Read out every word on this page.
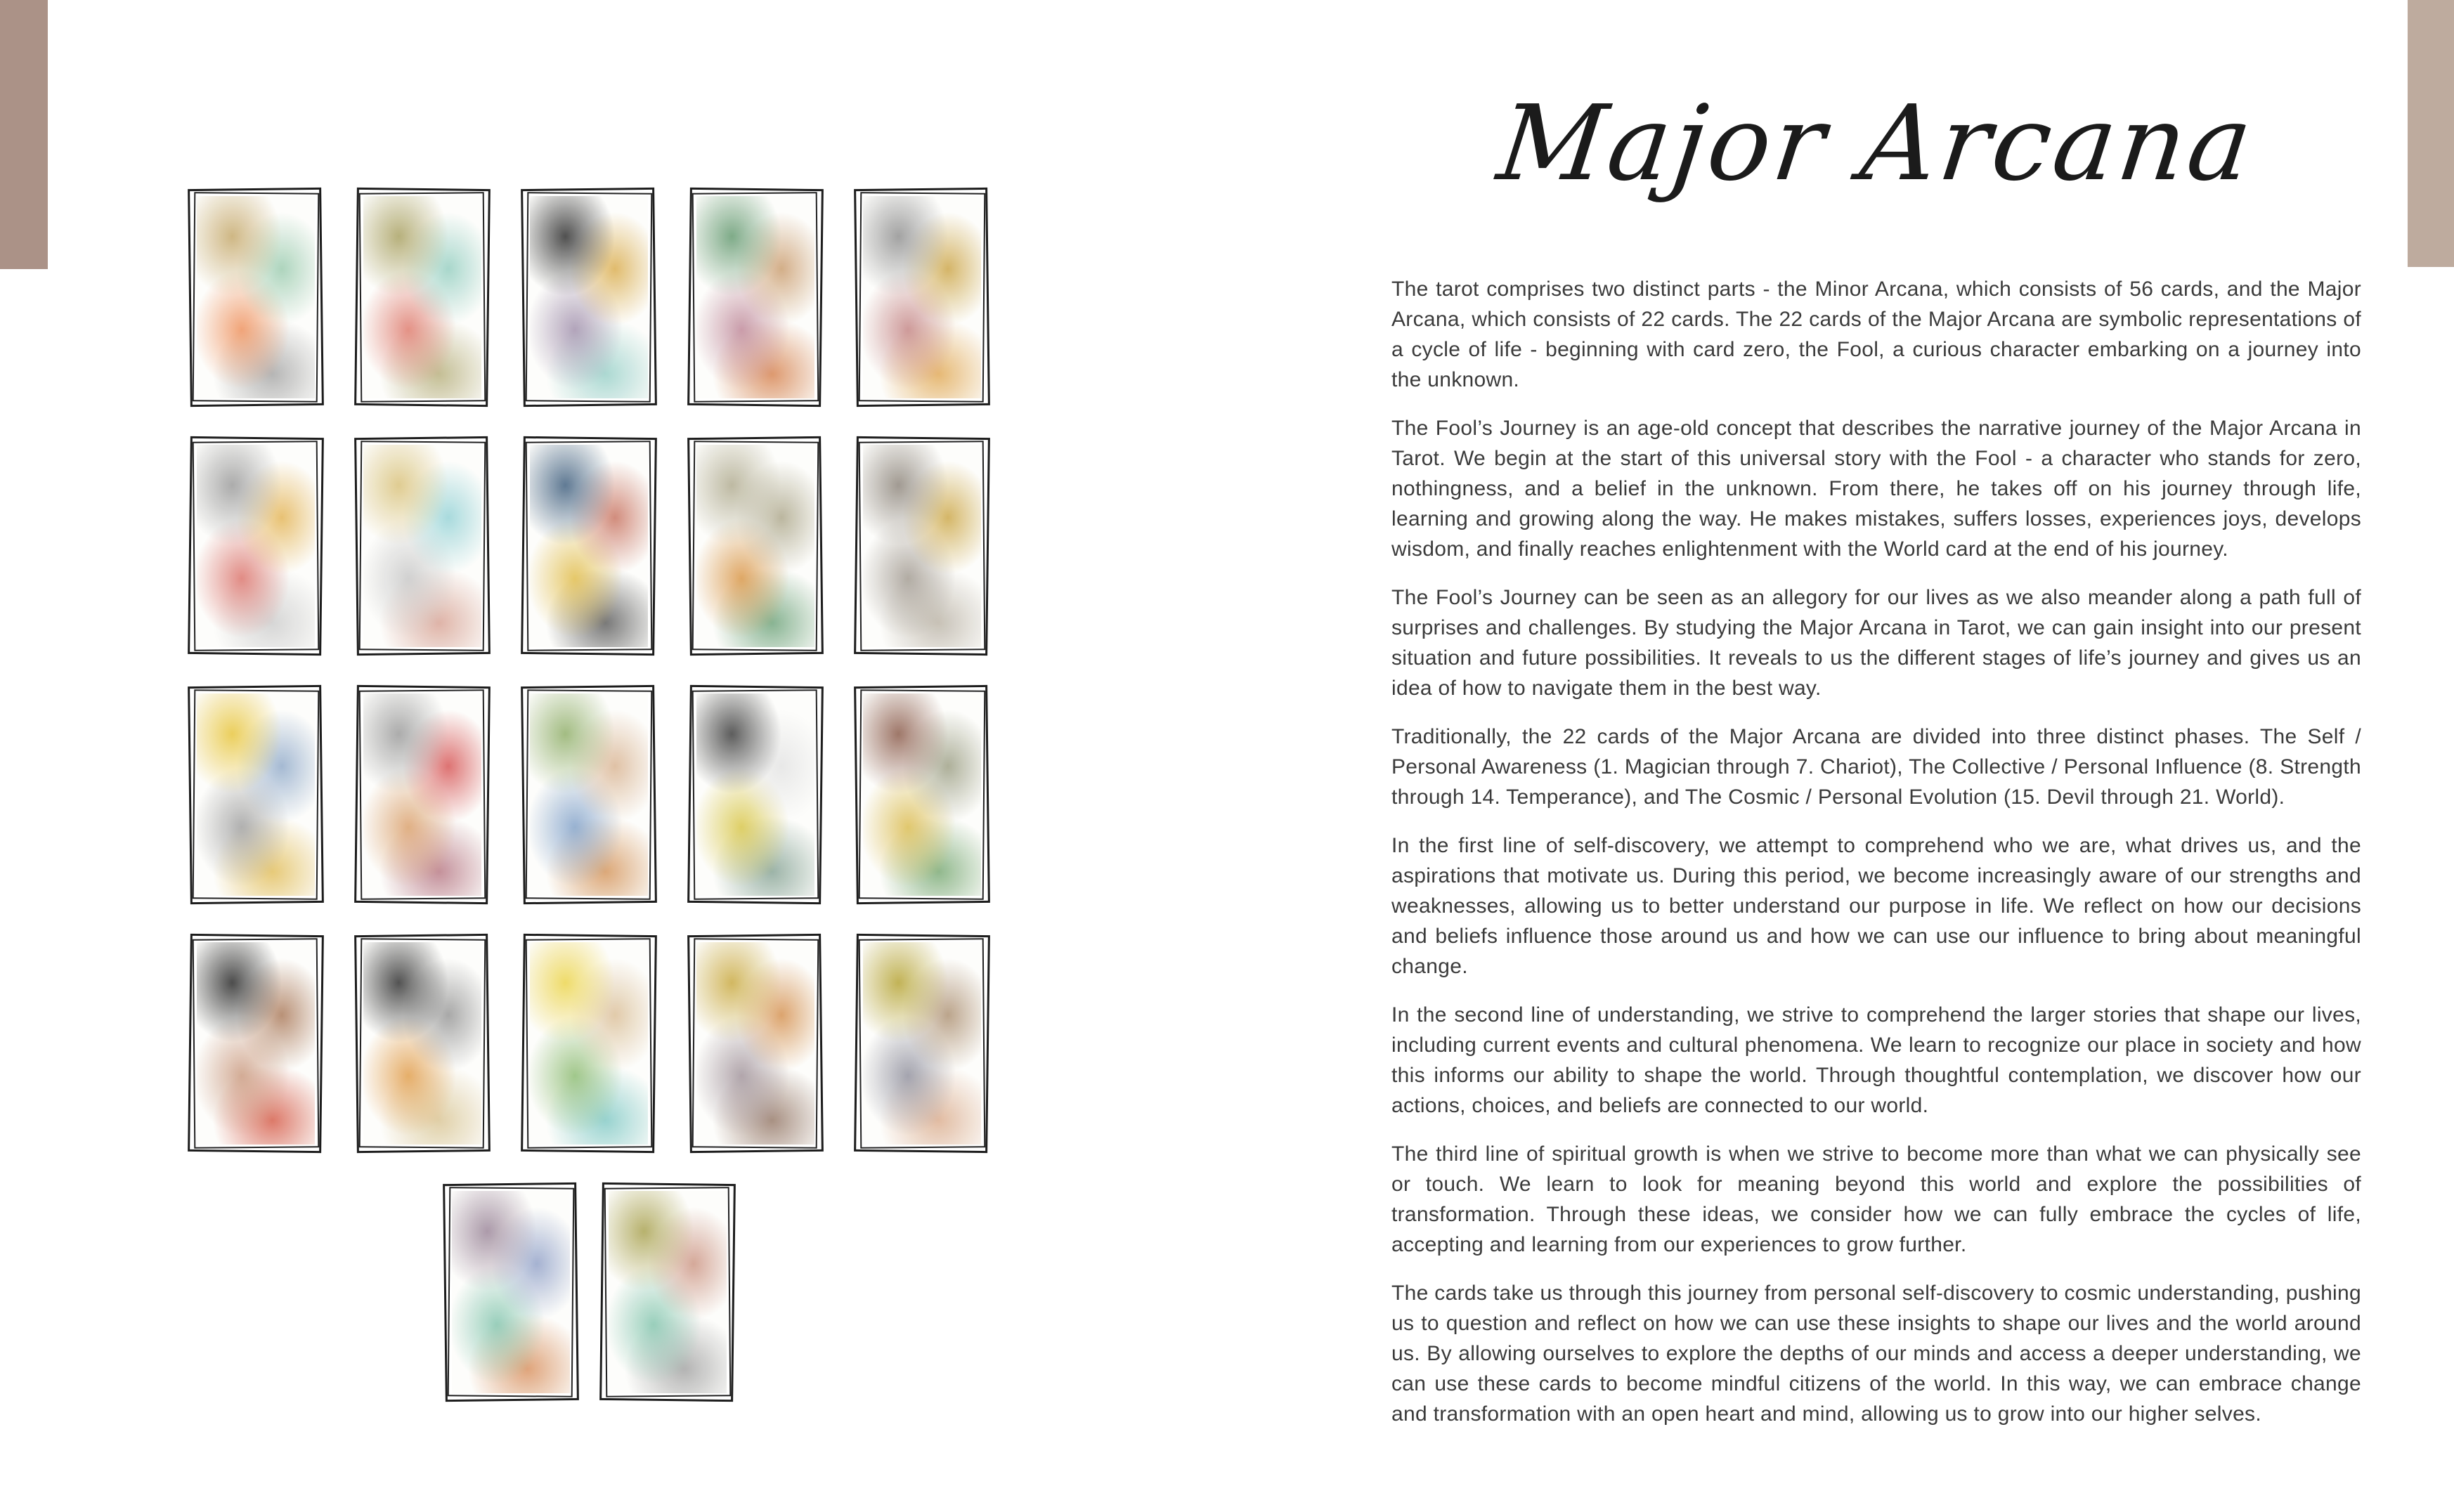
Major Arcana

The tarot comprises two distinct parts - the Minor Arcana, which consists of 56 cards, and the Major Arcana, which consists of 22 cards. The 22 cards of the Major Arcana are symbolic representations of a cycle of life - beginning with card zero, the Fool, a curious character embarking on a journey into the unknown.

The Fool’s Journey is an age-old concept that describes the narrative journey of the Major Arcana in Tarot. We begin at the start of this universal story with the Fool - a character who stands for zero, nothingness, and a belief in the unknown. From there, he takes off on his journey through life, learning and growing along the way. He makes mistakes, suffers losses, experiences joys, develops wisdom, and finally reaches enlightenment with the World card at the end of his journey.

The Fool’s Journey can be seen as an allegory for our lives as we also meander along a path full of surprises and challenges. By studying the Major Arcana in Tarot, we can gain insight into our present situation and future possibilities. It reveals to us the different stages of life’s journey and gives us an idea of how to navigate them in the best way.

Traditionally, the 22 cards of the Major Arcana are divided into three distinct phases. The Self / Personal Awareness (1. Magician through 7. Chariot), The Collective / Personal Influence (8. Strength through 14. Temperance), and The Cosmic / Personal Evolution (15. Devil through 21. World).

In the first line of self-discovery, we attempt to comprehend who we are, what drives us, and the aspirations that motivate us. During this period, we become increasingly aware of our strengths and weaknesses, allowing us to better understand our purpose in life. We reflect on how our decisions and beliefs influence those around us and how we can use our influence to bring about meaningful change.

In the second line of understanding, we strive to comprehend the larger stories that shape our lives, including current events and cultural phenomena. We learn to recognize our place in society and how this informs our ability to shape the world. Through thoughtful contemplation, we discover how our actions, choices, and beliefs are connected to our world.

The third line of spiritual growth is when we strive to become more than what we can physically see or touch. We learn to look for meaning beyond this world and explore the possibilities of transformation. Through these ideas, we consider how we can fully embrace the cycles of life, accepting and learning from our experiences to grow further.

The cards take us through this journey from personal self-discovery to cosmic understanding, pushing us to question and reflect on how we can use these insights to shape our lives and the world around us. By allowing ourselves to explore the depths of our minds and access a deeper understanding, we can use these cards to become mindful citizens of the world. In this way, we can embrace change and transformation with an open heart and mind, allowing us to grow into our higher selves.
